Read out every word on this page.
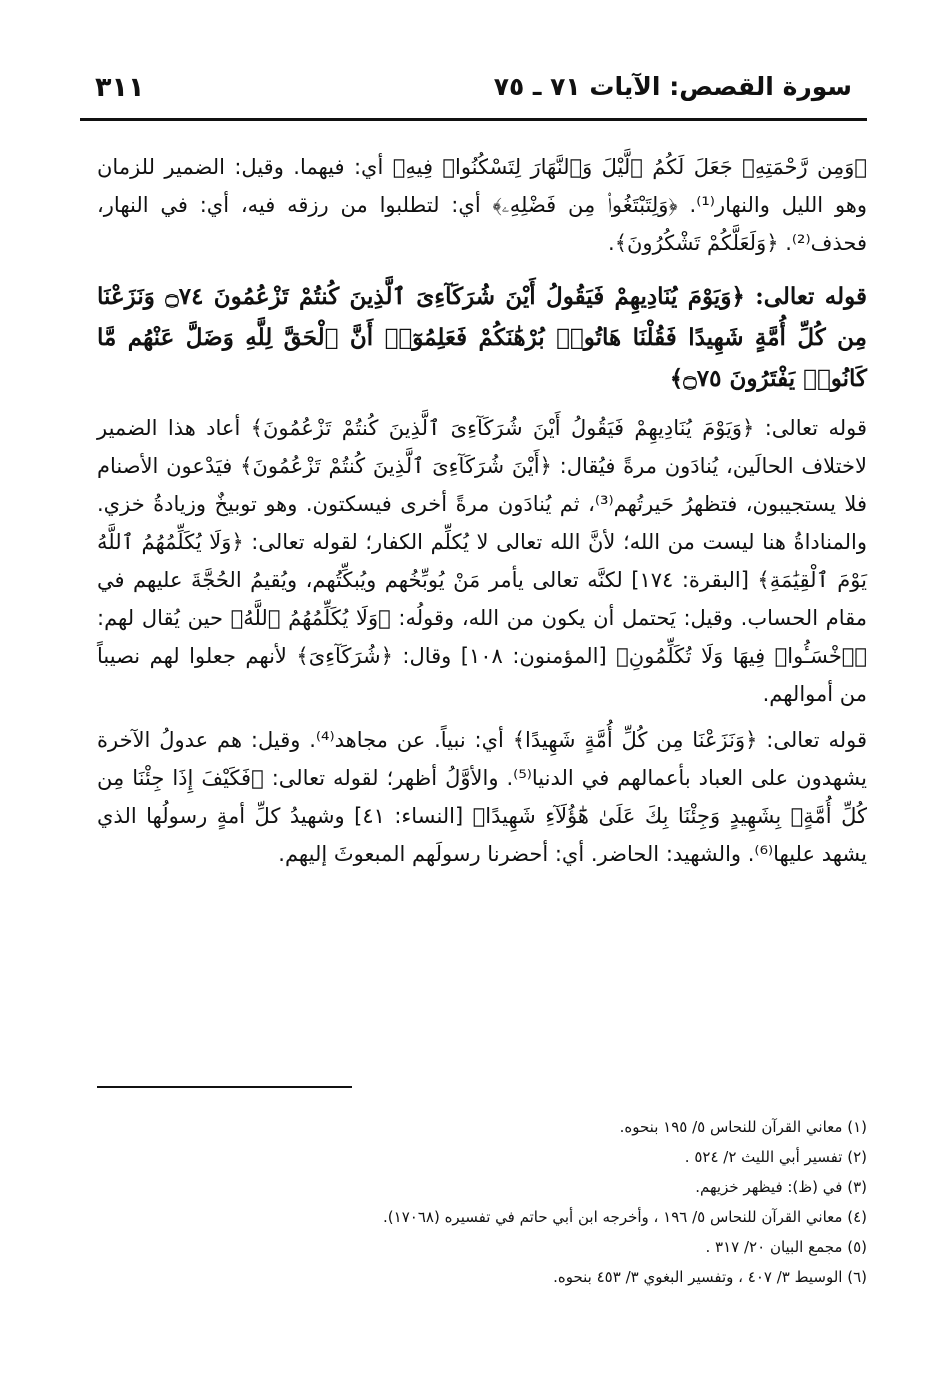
سورة القصص: الآيات ٧١ ـ ٧٥
٣١١

﴿وَمِن رَّحْمَتِهِۦ جَعَلَ لَكُمُ ٱلَّيْلَ وَٱلنَّهَارَ لِتَسْكُنُوا۟ فِيهِ﴾ أي: فيهما. وقيل: الضمير للزمان وهو الليل والنهار⁽¹⁾. ﴿وَلِتَبْتَغُوا۟ مِن فَضْلِهِۦ﴾ أي: لتطلبوا من رزقه فيه، أي: في النهار، فحذف⁽²⁾. ﴿وَلَعَلَّكُمْ تَشْكُرُونَ﴾.

قوله تعالى: ﴿وَيَوْمَ يُنَادِيهِمْ فَيَقُولُ أَيْنَ شُرَكَآءِىَ ٱلَّذِينَ كُنتُمْ تَزْعُمُونَ ۝٧٤ وَنَزَعْنَا مِن كُلِّ أُمَّةٍ شَهِيدًا فَقُلْنَا هَاتُوا۟ بُرْهَٰنَكُمْ فَعَلِمُوٓا۟ أَنَّ ٱلْحَقَّ لِلَّهِ وَضَلَّ عَنْهُم مَّا كَانُوا۟ يَفْتَرُونَ ۝٧٥﴾

قوله تعالى: ﴿وَيَوْمَ يُنَادِيهِمْ فَيَقُولُ أَيْنَ شُرَكَآءِىَ ٱلَّذِينَ كُنتُمْ تَزْعُمُونَ﴾ أعاد هذا الضمير لاختلاف الحالَين، يُنادَون مرةً فيُقال: ﴿أَيْنَ شُرَكَآءِىَ ٱلَّذِينَ كُنتُمْ تَزْعُمُونَ﴾ فيَدْعون الأصنام فلا يستجيبون، فتظهرُ حَيرتُهم⁽³⁾، ثم يُنادَون مرةً أخرى فيسكتون. وهو توبيخٌ وزيادةُ خزي. والمناداةُ هنا ليست من الله؛ لأنَّ الله تعالى لا يُكلِّم الكفار؛ لقوله تعالى: ﴿وَلَا يُكَلِّمُهُمُ ٱللَّهُ يَوْمَ ٱلْقِيَٰمَةِ﴾ [البقرة: ١٧٤] لكنَّه تعالى يأمر مَنْ يُوبِّخُهم ويُبكِّتُهم، ويُقيمُ الحُجَّةَ عليهم في مقام الحساب. وقيل: يَحتمل أن يكون من الله، وقولُه: ﴿وَلَا يُكَلِّمُهُمُ ٱللَّهُ﴾ حين يُقال لهم: ﴿ٱخْسَـُٔوا۟ فِيهَا وَلَا تُكَلِّمُونِ﴾ [المؤمنون: ١٠٨] وقال: ﴿شُرَكَآءِىَ﴾ لأنهم جعلوا لهم نصيباً من أموالهم.

قوله تعالى: ﴿وَنَزَعْنَا مِن كُلِّ أُمَّةٍ شَهِيدًا﴾ أي: نبياً. عن مجاهد⁽⁴⁾. وقيل: هم عدولُ الآخرة يشهدون على العباد بأعمالهم في الدنيا⁽⁵⁾. والأوَّلُ أظهر؛ لقوله تعالى: ﴿فَكَيْفَ إِذَا جِئْنَا مِن كُلِّ أُمَّةٍۭ بِشَهِيدٍ وَجِئْنَا بِكَ عَلَىٰ هَٰٓؤُلَآءِ شَهِيدًا﴾ [النساء: ٤١] وشهيدُ كلِّ أمةٍ رسولُها الذي يشهد عليها⁽⁶⁾. والشهيد: الحاضر. أي: أحضرنا رسولَهم المبعوثَ إليهم.

(١) معاني القرآن للنحاس ٥/ ١٩٥ بنحوه.

(٢) تفسير أبي الليث ٢/ ٥٢٤ .

(٣) في (ظ): فيظهر خزيهم.

(٤) معاني القرآن للنحاس ٥/ ١٩٦ ، وأخرجه ابن أبي حاتم في تفسيره (١٧٠٦٨).

(٥) مجمع البيان ٢٠/ ٣١٧ .

(٦) الوسيط ٣/ ٤٠٧ ، وتفسير البغوي ٣/ ٤٥٣ بنحوه.
